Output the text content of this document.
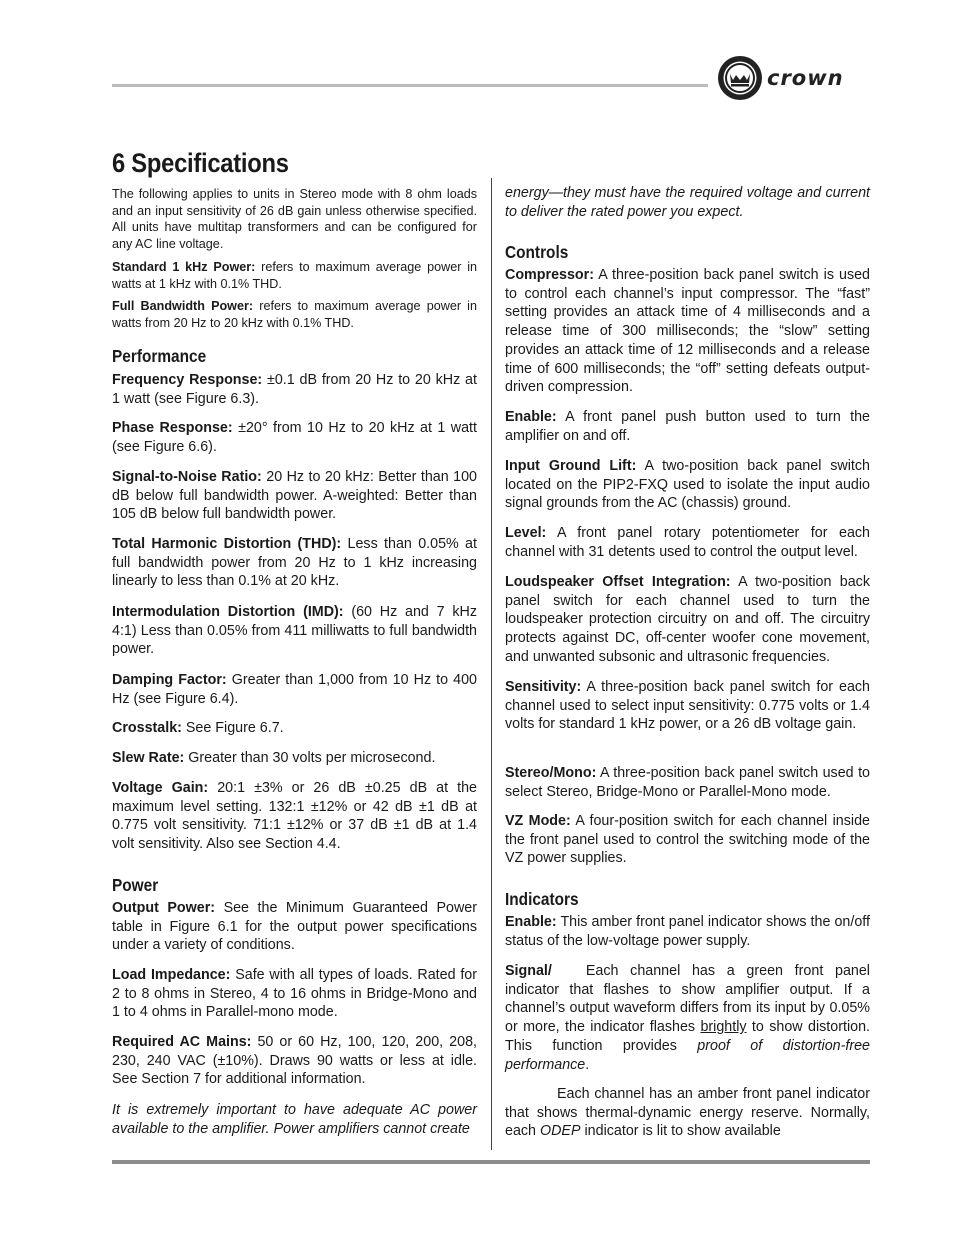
crown
6 Specifications

The following applies to units in Stereo mode with 8 ohm loads and an input sensitivity of 26 dB gain unless otherwise specified. All units have multitap transformers and can be configured for any AC line voltage.

Standard 1 kHz Power: refers to maximum average power in watts at 1 kHz with 0.1% THD.

Full Bandwidth Power: refers to maximum average power in watts from 20 Hz to 20 kHz with 0.1% THD.

Performance

Frequency Response: ±0.1 dB from 20 Hz to 20 kHz at 1 watt (see Figure 6.3).

Phase Response: ±20° from 10 Hz to 20 kHz at 1 watt (see Figure 6.6).

Signal-to-Noise Ratio: 20 Hz to 20 kHz: Better than 100 dB below full bandwidth power. A-weighted: Better than 105 dB below full bandwidth power.

Total Harmonic Distortion (THD): Less than 0.05% at full bandwidth power from 20 Hz to 1 kHz increasing linearly to less than 0.1% at 20 kHz.

Intermodulation Distortion (IMD): (60 Hz and 7 kHz 4:1) Less than 0.05% from 411 milliwatts to full bandwidth power.

Damping Factor: Greater than 1,000 from 10 Hz to 400 Hz (see Figure 6.4).

Crosstalk: See Figure 6.7.

Slew Rate: Greater than 30 volts per microsecond.

Voltage Gain: 20:1 ±3% or 26 dB ±0.25 dB at the maximum level setting. 132:1 ±12% or 42 dB ±1 dB at 0.775 volt sensitivity. 71:1 ±12% or 37 dB ±1 dB at 1.4 volt sensitivity. Also see Section 4.4.

Power

Output Power: See the Minimum Guaranteed Power table in Figure 6.1 for the output power specifications under a variety of conditions.

Load Impedance: Safe with all types of loads. Rated for 2 to 8 ohms in Stereo, 4 to 16 ohms in Bridge-Mono and 1 to 4 ohms in Parallel-mono mode.

Required AC Mains: 50 or 60 Hz, 100, 120, 200, 208, 230, 240 VAC (±10%). Draws 90 watts or less at idle. See Section 7 for additional information.

It is extremely important to have adequate AC power available to the amplifier. Power amplifiers cannot create

energy—they must have the required voltage and current to deliver the rated power you expect.

Controls

Compressor: A three-position back panel switch is used to control each channel’s input compressor. The “fast” setting provides an attack time of 4 milliseconds and a release time of 300 milliseconds; the “slow” setting provides an attack time of 12 milliseconds and a release time of 600 milliseconds; the “off” setting defeats output-driven compression.

Enable: A front panel push button used to turn the amplifier on and off.

Input Ground Lift: A two-position back panel switch located on the PIP2-FXQ used to isolate the input audio signal grounds from the AC (chassis) ground.

Level: A front panel rotary potentiometer for each channel with 31 detents used to control the output level.

Loudspeaker Offset Integration: A two-position back panel switch for each channel used to turn the loudspeaker protection circuitry on and off. The circuitry protects against DC, off-center woofer cone movement, and unwanted subsonic and ultrasonic frequencies.

Sensitivity: A three-position back panel switch for each channel used to select input sensitivity: 0.775 volts or 1.4 volts for standard 1 kHz power, or a 26 dB voltage gain.

Stereo/Mono: A three-position back panel switch used to select Stereo, Bridge-Mono or Parallel-Mono mode.

VZ Mode: A four-position switch for each channel inside the front panel used to control the switching mode of the VZ power supplies.

Indicators

Enable: This amber front panel indicator shows the on/off status of the low-voltage power supply.

Signal/ Each channel has a green front panel indicator that flashes to show amplifier output. If a channel’s output waveform differs from its input by 0.05% or more, the indicator flashes brightly to show distortion. This function provides proof of distortion-free performance.

Each channel has an amber front panel indicator that shows thermal-dynamic energy reserve. Normally, each ODEP indicator is lit to show available
